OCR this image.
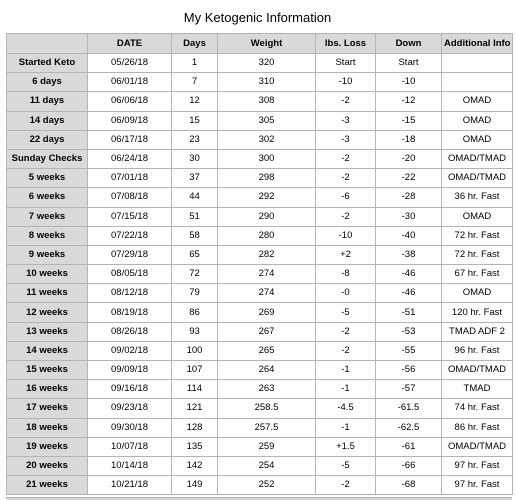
My Ketogenic Information
	DATE	Days	Weight	lbs. Loss	Down	Additional Info
Started Keto	05/26/18	1	320	Start	Start	
6 days	06/01/18	7	310	-10	-10	
11 days	06/06/18	12	308	-2	-12	OMAD
14 days	06/09/18	15	305	-3	-15	OMAD
22 days	06/17/18	23	302	-3	-18	OMAD
Sunday Checks	06/24/18	30	300	-2	-20	OMAD/TMAD
5 weeks	07/01/18	37	298	-2	-22	OMAD/TMAD
6 weeks	07/08/18	44	292	-6	-28	36 hr. Fast
7 weeks	07/15/18	51	290	-2	-30	OMAD
8 weeks	07/22/18	58	280	-10	-40	72 hr. Fast
9 weeks	07/29/18	65	282	+2	-38	72 hr. Fast
10 weeks	08/05/18	72	274	-8	-46	67 hr. Fast
11 weeks	08/12/18	79	274	-0	-46	OMAD
12 weeks	08/19/18	86	269	-5	-51	120 hr. Fast
13 weeks	08/26/18	93	267	-2	-53	TMAD ADF 2
14 weeks	09/02/18	100	265	-2	-55	96 hr. Fast
15 weeks	09/09/18	107	264	-1	-56	OMAD/TMAD
16 weeks	09/16/18	114	263	-1	-57	TMAD
17 weeks	09/23/18	121	258.5	-4.5	-61.5	74 hr. Fast
18 weeks	09/30/18	128	257.5	-1	-62.5	86 hr. Fast
19 weeks	10/07/18	135	259	+1.5	-61	OMAD/TMAD
20 weeks	10/14/18	142	254	-5	-66	97 hr. Fast
21 weeks	10/21/18	149	252	-2	-68	97 hr. Fast
